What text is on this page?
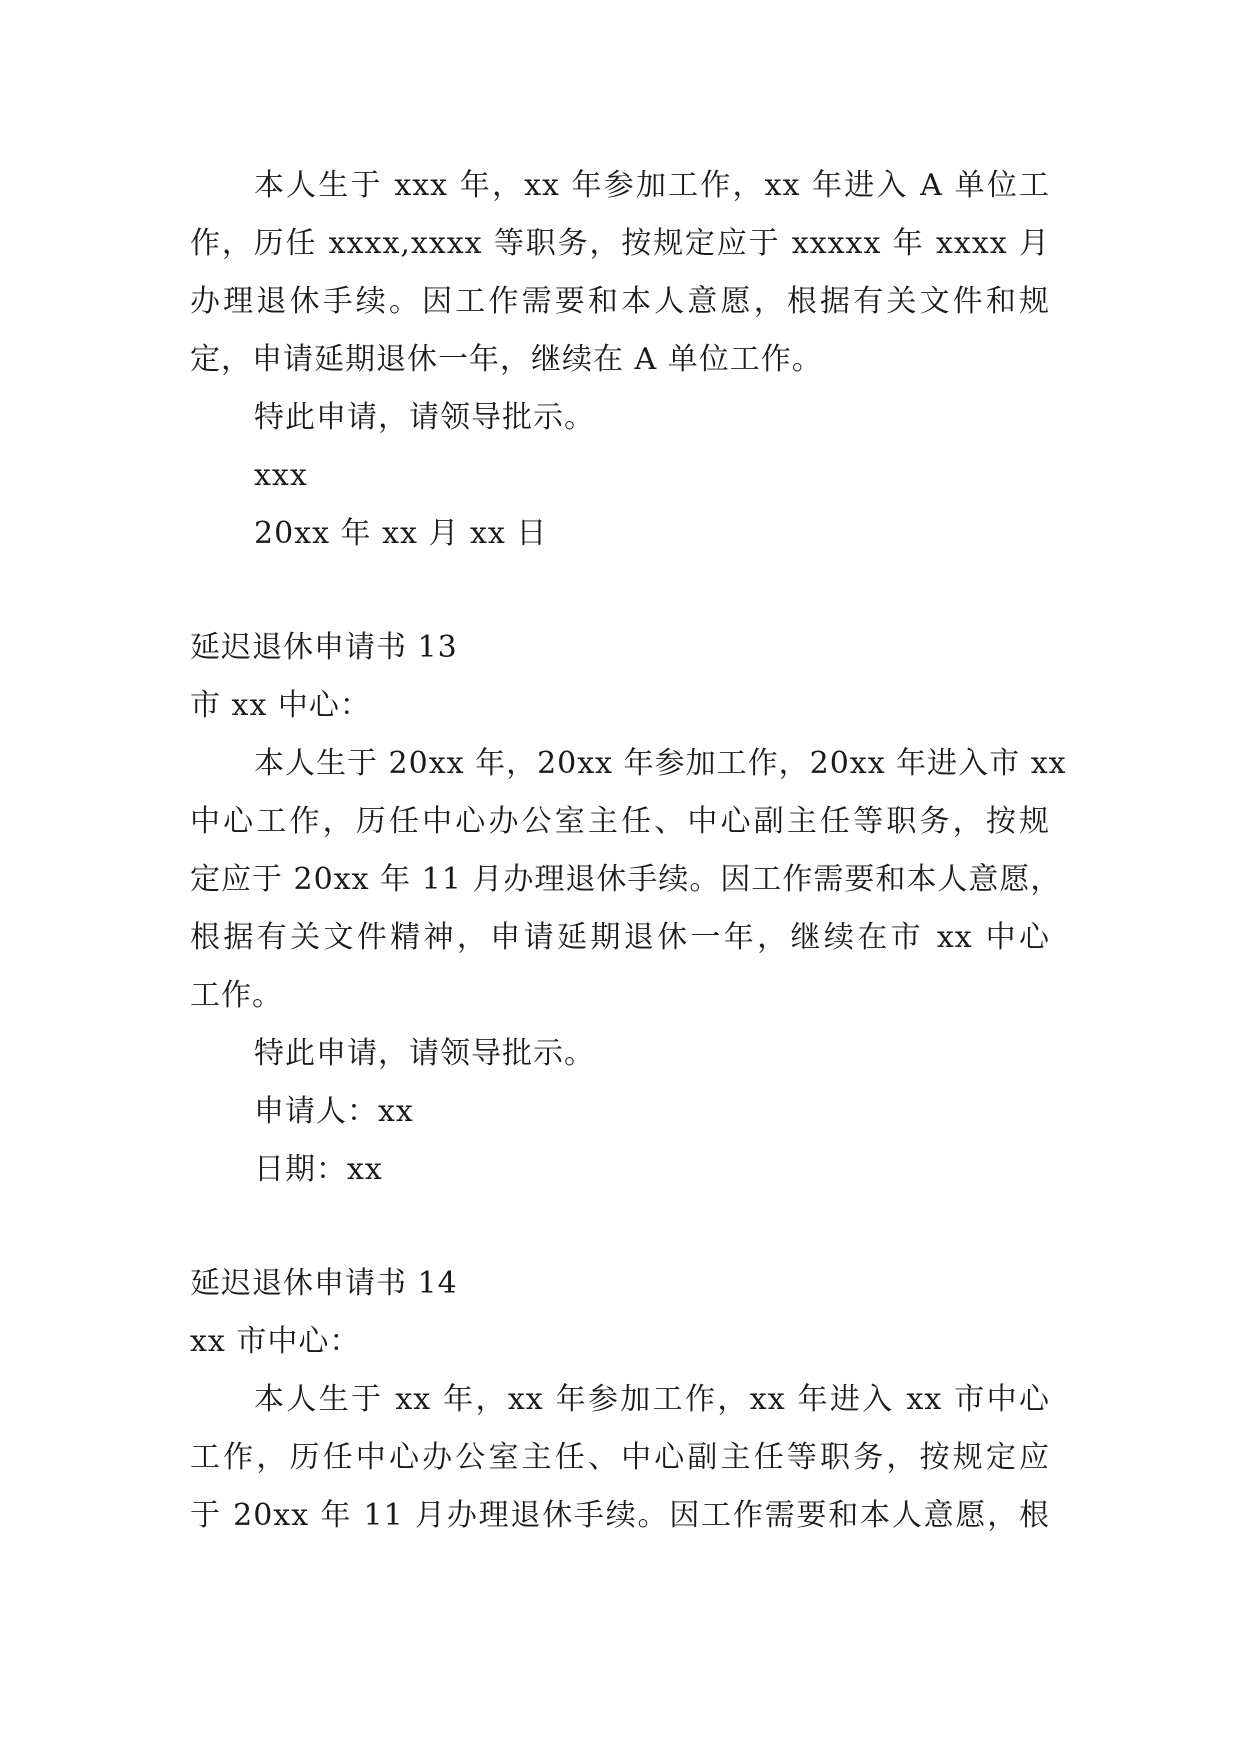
本人生于 xxx 年，xx 年参加工作，xx 年进入 A 单位工
作，历任 xxxx,xxxx 等职务，按规定应于 xxxxx 年 xxxx 月
办理退休手续。因工作需要和本人意愿，根据有关文件和规
定，申请延期退休一年，继续在 A 单位工作。
特此申请，请领导批示。
xxx
20xx 年 xx 月 xx 日
延迟退休申请书 13
市 xx 中心：
本人生于 20xx 年，20xx 年参加工作，20xx 年进入市 xx
中心工作，历任中心办公室主任、中心副主任等职务，按规
定应于 20xx 年 11 月办理退休手续。因工作需要和本人意愿，
根据有关文件精神，申请延期退休一年，继续在市 xx 中心
工作。
特此申请，请领导批示。
申请人：xx
日期：xx
延迟退休申请书 14
xx 市中心：
本人生于 xx 年，xx 年参加工作，xx 年进入 xx 市中心
工作，历任中心办公室主任、中心副主任等职务，按规定应
于 20xx 年 11 月办理退休手续。因工作需要和本人意愿，根
